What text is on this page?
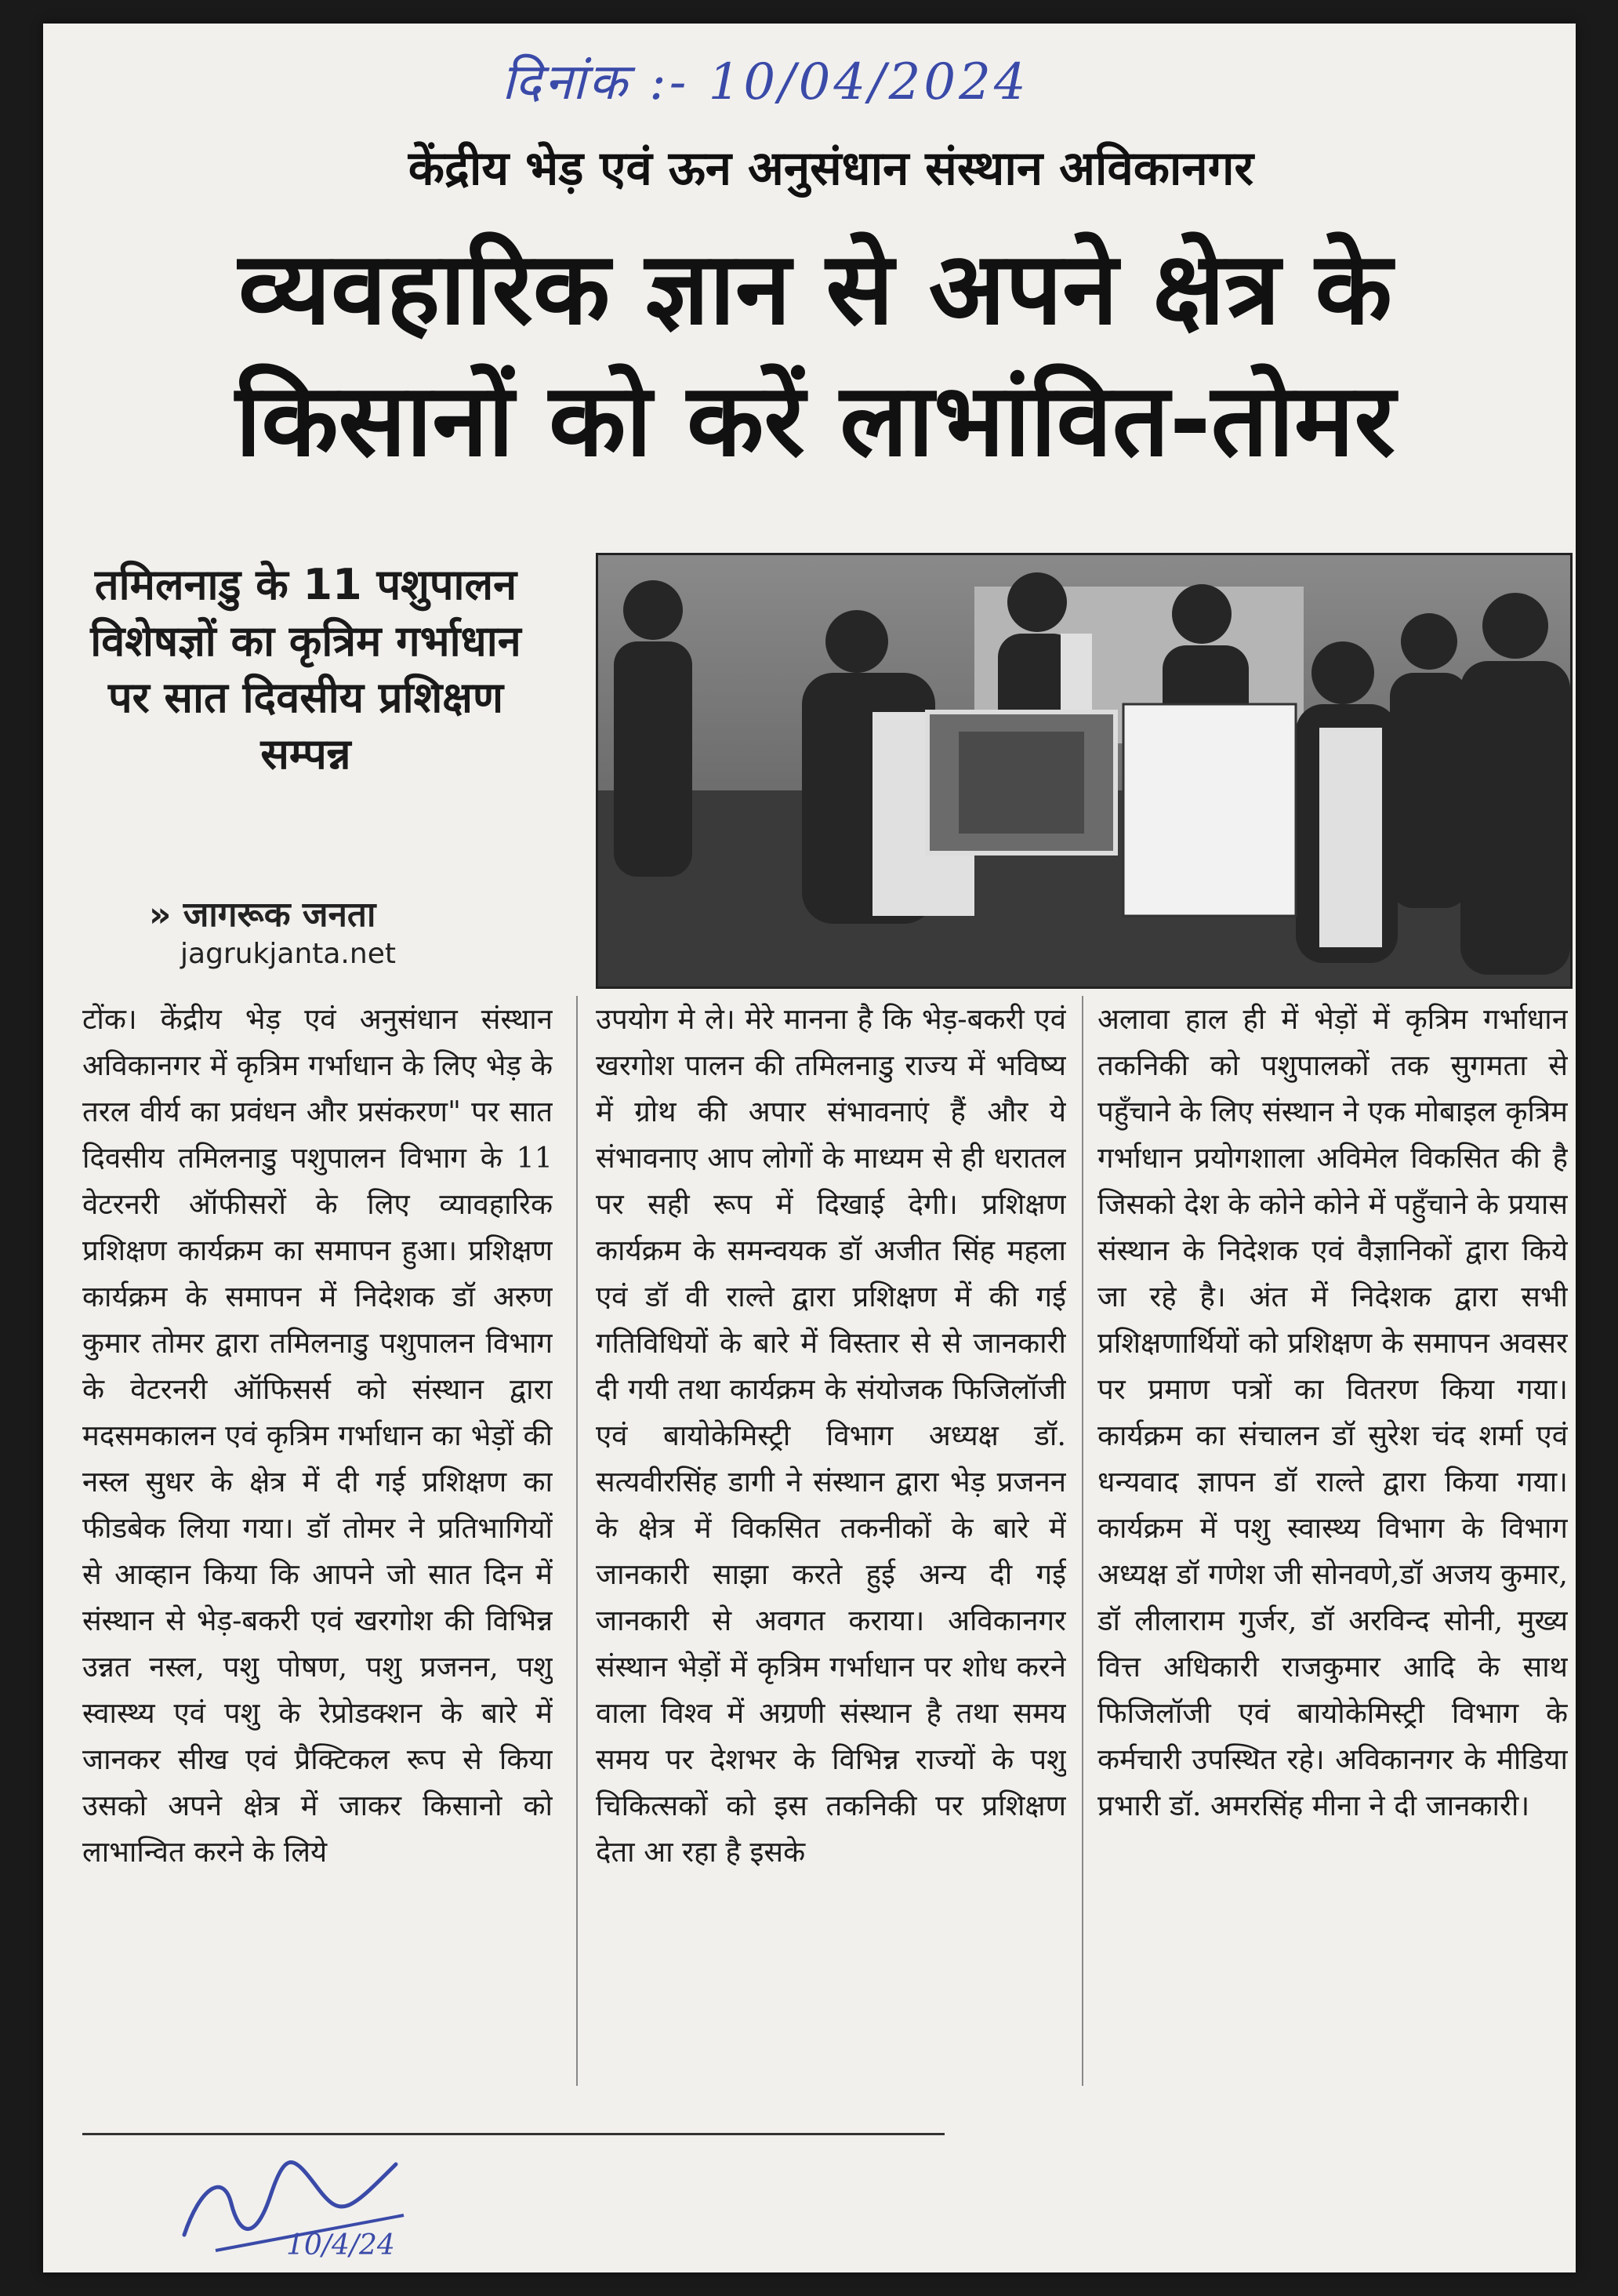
दिनांक :- 10/04/2024
केंद्रीय भेड़ एवं ऊन अनुसंधान संस्थान अविकानगर
व्यवहारिक ज्ञान से अपने क्षेत्र के किसानों को करें लाभांवित-तोमर
तमिलनाडु के 11 पशुपालन विशेषज्ञों का कृत्रिम गर्भाधान पर सात दिवसीय प्रशिक्षण सम्पन्न
» जागरूक जनता
jagrukjanta.net
टोंक। केंद्रीय भेड़ एवं अनुसंधान संस्थान अविकानगर में कृत्रिम गर्भाधान के लिए भेड़ के तरल वीर्य का प्रवंधन और प्रसंकरण" पर सात दिवसीय तमिलनाडु पशुपालन विभाग के 11 वेटरनरी ऑफीसरों के लिए व्यावहारिक प्रशिक्षण कार्यक्रम का समापन हुआ। प्रशिक्षण कार्यक्रम के समापन में निदेशक डॉ अरुण कुमार तोमर द्वारा तमिलनाडु पशुपालन विभाग के वेटरनरी ऑफिसर्स को संस्थान द्वारा मदसमकालन एवं कृत्रिम गर्भाधान का भेड़ों की नस्ल सुधर के क्षेत्र में दी गई प्रशिक्षण का फीडबेक लिया गया। डॉ तोमर ने प्रतिभागियों से आव्हान किया कि आपने जो सात दिन में संस्थान से भेड़-बकरी एवं खरगोश की विभिन्न उन्नत नस्ल, पशु पोषण, पशु प्रजनन, पशु स्वास्थ्य एवं पशु के रेप्रोडक्शन के बारे में जानकर सीख एवं प्रैक्टिकल रूप से किया उसको अपने क्षेत्र में जाकर किसानो को लाभान्वित करने के लिये
उपयोग मे ले। मेरे मानना है कि भेड़-बकरी एवं खरगोश पालन की तमिलनाडु राज्य में भविष्य में ग्रोथ की अपार संभावनाएं हैं और ये संभावनाए आप लोगों के माध्यम से ही धरातल पर सही रूप में दिखाई देगी। प्रशिक्षण कार्यक्रम के समन्वयक डॉ अजीत सिंह महला एवं डॉ वी राल्ते द्वारा प्रशिक्षण में की गई गतिविधियों के बारे में विस्तार से से जानकारी दी गयी तथा कार्यक्रम के संयोजक फिजिलॉजी एवं बायोकेमिस्ट्री विभाग अध्यक्ष डॉ. सत्यवीरसिंह डागी ने संस्थान द्वारा भेड़ प्रजनन के क्षेत्र में विकसित तकनीकों के बारे में जानकारी साझा करते हुई अन्य दी गई जानकारी से अवगत कराया। अविकानगर संस्थान भेड़ों में कृत्रिम गर्भाधान पर शोध करने वाला विश्व में अग्रणी संस्थान है तथा समय समय पर देशभर के विभिन्न राज्यों के पशु चिकित्सकों को इस तकनिकी पर प्रशिक्षण देता आ रहा है इसके
अलावा हाल ही में भेड़ों में कृत्रिम गर्भाधान तकनिकी को पशुपालकों तक सुगमता से पहुँचाने के लिए संस्थान ने एक मोबाइल कृत्रिम गर्भाधान प्रयोगशाला अविमेल विकसित की है जिसको देश के कोने कोने में पहुँचाने के प्रयास संस्थान के निदेशक एवं वैज्ञानिकों द्वारा किये जा रहे है। अंत में निदेशक द्वारा सभी प्रशिक्षणार्थियों को प्रशिक्षण के समापन अवसर पर प्रमाण पत्रों का वितरण किया गया। कार्यक्रम का संचालन डॉ सुरेश चंद शर्मा एवं धन्यवाद ज्ञापन डॉ राल्ते द्वारा किया गया। कार्यक्रम में पशु स्वास्थ्य विभाग के विभाग अध्यक्ष डॉ गणेश जी सोनवणे,डॉ अजय कुमार, डॉ लीलाराम गुर्जर, डॉ अरविन्द सोनी, मुख्य वित्त अधिकारी राजकुमार आदि के साथ फिजिलॉजी एवं बायोकेमिस्ट्री विभाग के कर्मचारी उपस्थित रहे। अविकानगर के मीडिया प्रभारी डॉ. अमरसिंह मीना ने दी जानकारी।
10/4/24
